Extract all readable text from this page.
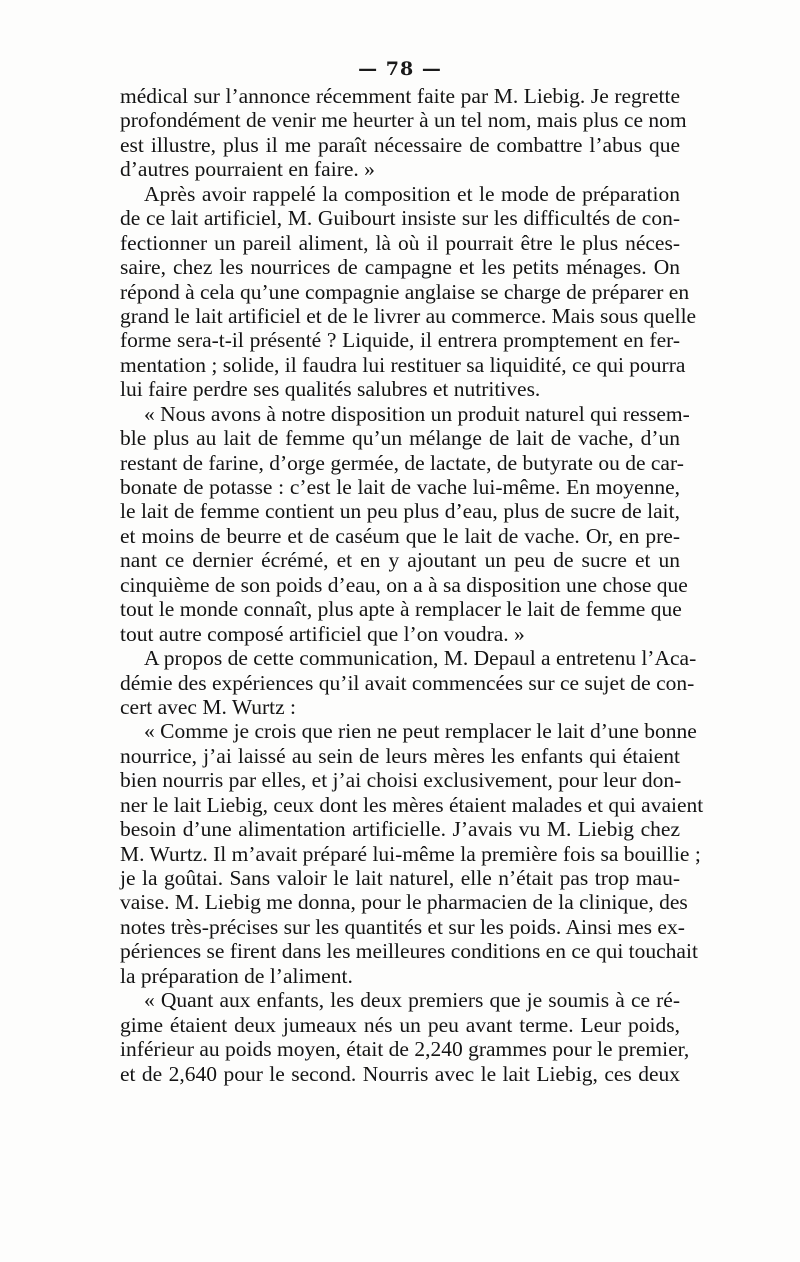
— 78 —
médical sur l’annonce récemment faite par M. Liebig. Je regrette
profondément de venir me heurter à un tel nom, mais plus ce nom
est illustre, plus il me paraît nécessaire de combattre l’abus que
d’autres pourraient en faire. »
Après avoir rappelé la composition et le mode de préparation
de ce lait artificiel, M. Guibourt insiste sur les difficultés de con-
fectionner un pareil aliment, là où il pourrait être le plus néces-
saire, chez les nourrices de campagne et les petits ménages. On
répond à cela qu’une compagnie anglaise se charge de préparer en
grand le lait artificiel et de le livrer au commerce. Mais sous quelle
forme sera-t-il présenté ? Liquide, il entrera promptement en fer-
mentation ; solide, il faudra lui restituer sa liquidité, ce qui pourra
lui faire perdre ses qualités salubres et nutritives.
« Nous avons à notre disposition un produit naturel qui ressem-
ble plus au lait de femme qu’un mélange de lait de vache, d’un
restant de farine, d’orge germée, de lactate, de butyrate ou de car-
bonate de potasse : c’est le lait de vache lui-même. En moyenne,
le lait de femme contient un peu plus d’eau, plus de sucre de lait,
et moins de beurre et de caséum que le lait de vache. Or, en pre-
nant ce dernier écrémé, et en y ajoutant un peu de sucre et un
cinquième de son poids d’eau, on a à sa disposition une chose que
tout le monde connaît, plus apte à remplacer le lait de femme que
tout autre composé artificiel que l’on voudra. »
A propos de cette communication, M. Depaul a entretenu l’Aca-
démie des expériences qu’il avait commencées sur ce sujet de con-
cert avec M. Wurtz :
« Comme je crois que rien ne peut remplacer le lait d’une bonne
nourrice, j’ai laissé au sein de leurs mères les enfants qui étaient
bien nourris par elles, et j’ai choisi exclusivement, pour leur don-
ner le lait Liebig, ceux dont les mères étaient malades et qui avaient
besoin d’une alimentation artificielle. J’avais vu M. Liebig chez
M. Wurtz. Il m’avait préparé lui-même la première fois sa bouillie ;
je la goûtai. Sans valoir le lait naturel, elle n’était pas trop mau-
vaise. M. Liebig me donna, pour le pharmacien de la clinique, des
notes très-précises sur les quantités et sur les poids. Ainsi mes ex-
périences se firent dans les meilleures conditions en ce qui touchait
la préparation de l’aliment.
« Quant aux enfants, les deux premiers que je soumis à ce ré-
gime étaient deux jumeaux nés un peu avant terme. Leur poids,
inférieur au poids moyen, était de 2,240 grammes pour le premier,
et de 2,640 pour le second. Nourris avec le lait Liebig, ces deux
